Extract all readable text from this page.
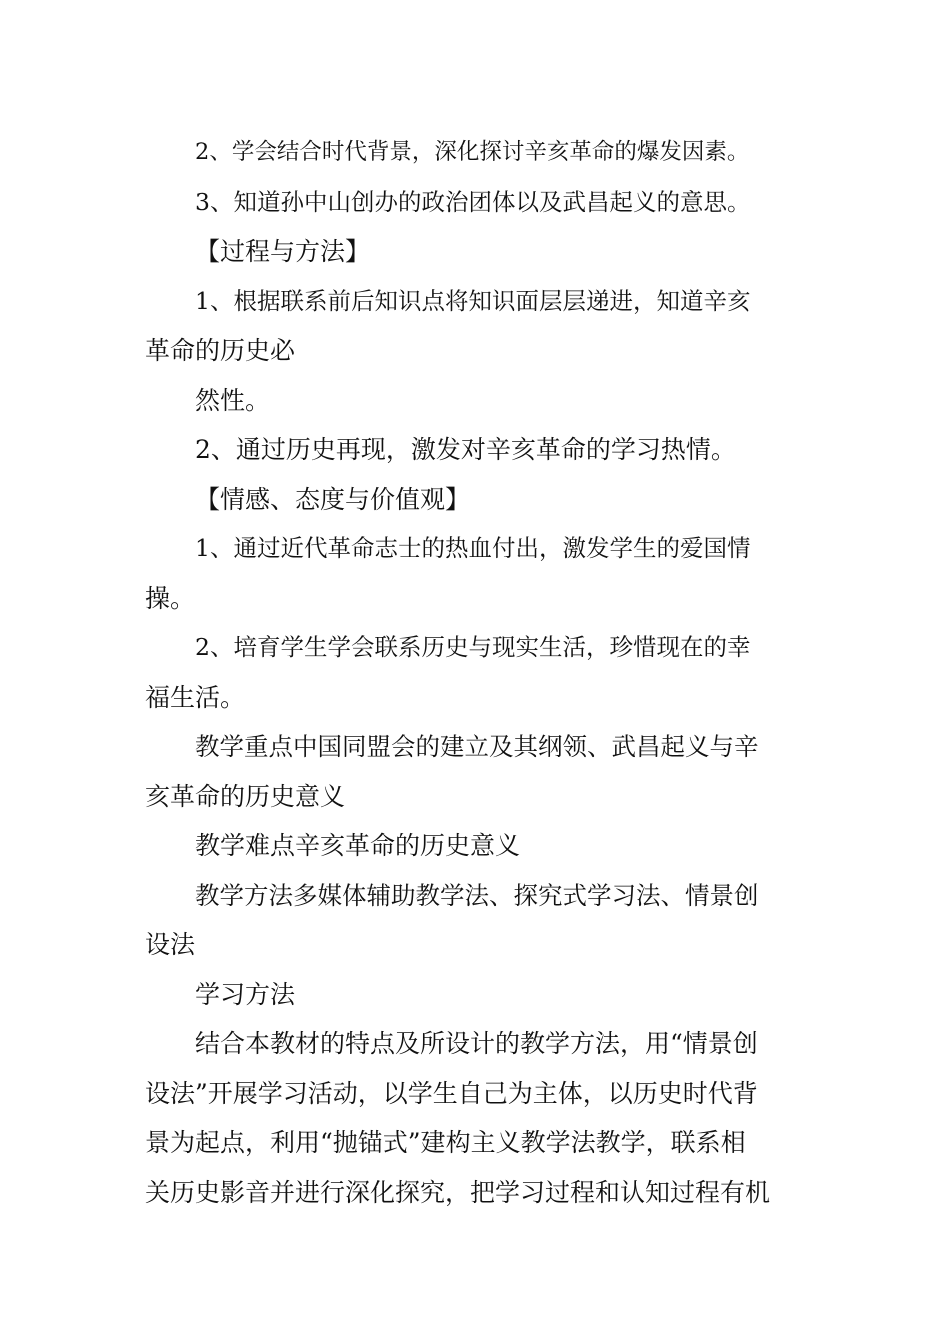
2、学会结合时代背景，深化探讨辛亥革命的爆发因素。

3、知道孙中山创办的政治团体以及武昌起义的意思。

【过程与方法】

1、根据联系前后知识点将知识面层层递进，知道辛亥
革命的历史必

然性。

2、通过历史再现，激发对辛亥革命的学习热情。

【情感、态度与价值观】

1、通过近代革命志士的热血付出，激发学生的爱国情
操。

2、培育学生学会联系历史与现实生活，珍惜现在的幸
福生活。

教学重点中国同盟会的建立及其纲领、武昌起义与辛
亥革命的历史意义

教学难点辛亥革命的历史意义

教学方法多媒体辅助教学法、探究式学习法、情景创
设法

学习方法

结合本教材的特点及所设计的教学方法，用“情景创
设法”开展学习活动，以学生自己为主体，以历史时代背
景为起点，利用“抛锚式”建构主义教学法教学，联系相
关历史影音并进行深化探究，把学习过程和认知过程有机
